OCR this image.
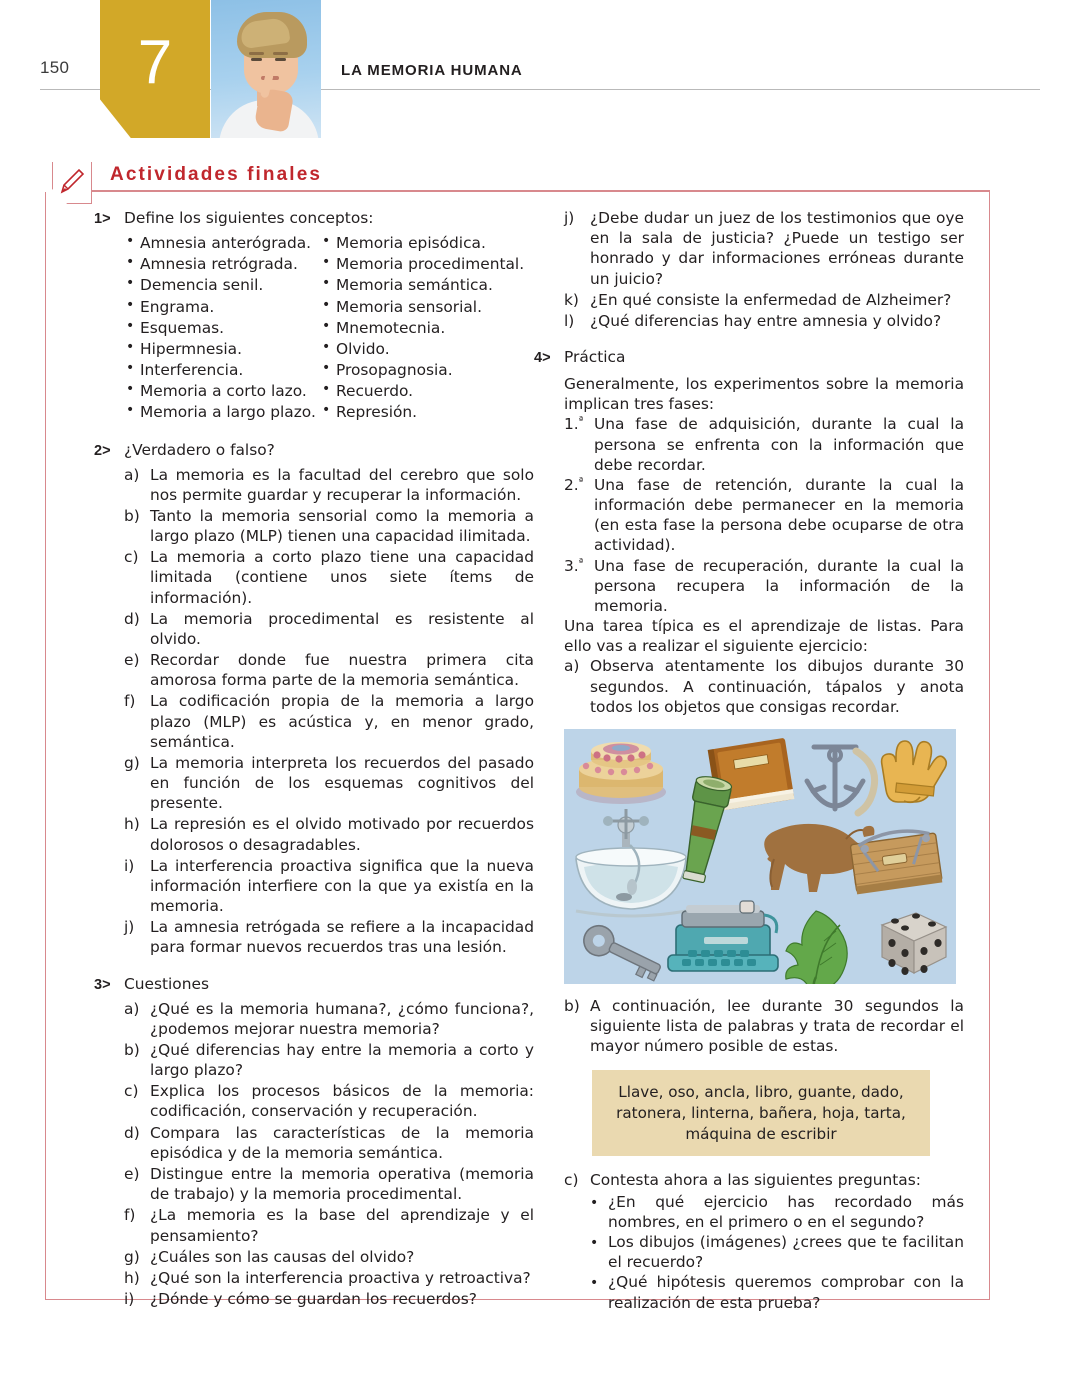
150	7	LA MEMORIA HUMANA
Actividades finales
1> Define los siguientes conceptos:
• Amnesia anterógrada.
• Amnesia retrógrada.
• Demencia senil.
• Engrama.
• Esquemas.
• Hipermnesia.
• Interferencia.
• Memoria a corto lazo.
• Memoria a largo plazo.
• Memoria episódica.
• Memoria procedimental.
• Memoria semántica.
• Memoria sensorial.
• Mnemotecnia.
• Olvido.
• Prosopagnosia.
• Recuerdo.
• Represión.
2> ¿Verdadero o falso?
a) La memoria es la facultad del cerebro que solo nos permite guardar y recuperar la información.
b) Tanto la memoria sensorial como la memoria a largo plazo (MLP) tienen una capacidad ilimitada.
c) La memoria a corto plazo tiene una capacidad limitada (contiene unos siete ítems de información).
d) La memoria procedimental es resistente al olvido.
e) Recordar donde fue nuestra primera cita amorosa forma parte de la memoria semántica.
f) La codificación propia de la memoria a largo plazo (MLP) es acústica y, en menor grado, semántica.
g) La memoria interpreta los recuerdos del pasado en función de los esquemas cognitivos del presente.
h) La represión es el olvido motivado por recuerdos dolorosos o desagradables.
i)	La interferencia proactiva significa que la nueva información interfiere con la que ya existía en la memoria.
j)	La amnesia retrógada se refiere a la incapacidad para formar nuevos recuerdos tras una lesión.
3> Cuestiones
a) ¿Qué es la memoria humana?, ¿cómo funciona?, ¿podemos mejorar nuestra memoria?
b) ¿Qué diferencias hay entre la memoria a corto y largo plazo?
c) Explica los procesos básicos de la memoria: codificación, conservación y recuperación.
d) Compara las características de la memoria episódica y de la memoria semántica.
e) Distingue entre la memoria operativa (memoria de trabajo) y la memoria procedimental.
f) ¿La memoria es la base del aprendizaje y el pensamiento?
g) ¿Cuáles son las causas del olvido?
h) ¿Qué son la interferencia proactiva y retroactiva?
i)	¿Dónde y cómo se guardan los recuerdos?
j)	¿Debe dudar un juez de los testimonios que oye en la sala de justicia? ¿Puede un testigo ser honrado y dar informaciones erróneas durante un juicio?
k) ¿En qué consiste la enfermedad de Alzheimer?
l)	¿Qué diferencias hay entre amnesia y olvido?
4> Práctica
Generalmente, los experimentos sobre la memoria implican tres fases:
1.$^ª$ Una fase de adquisición, durante la cual la persona se enfrenta con la información que debe recordar.
2.$^ª$ Una fase de retención, durante la cual la información debe permanecer en la memoria (en esta fase la persona debe ocuparse de otra actividad).
3.$^ª$ Una fase de recuperación, durante la cual la persona recupera la información de la memoria.
Una tarea típica es el aprendizaje de listas. Para ello vas a realizar el siguiente ejercicio:
a) Observa atentamente los dibujos durante 30 segundos. A continuación, tápalos y anota todos los objetos que consigas recordar.
b) A continuación, lee durante 30 segundos la siguiente lista de palabras y trata de recordar el mayor número posible de estas.
Llave, oso, ancla, libro, guante, dado, ratonera, linterna, bañera, hoja, tarta, máquina de escribir
c) Contesta ahora a las siguientes preguntas:
• ¿En qué ejercicio has recordado más nombres, en el primero o en el segundo?
• Los dibujos (imágenes) ¿crees que te facilitan el recuerdo?
• ¿Qué hipótesis queremos comprobar con la realización de esta prueba?
